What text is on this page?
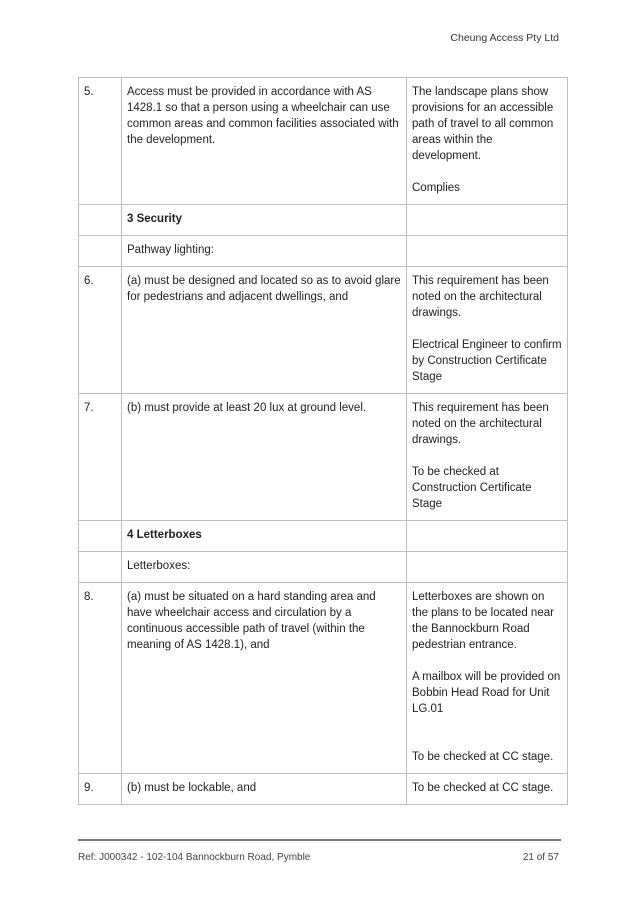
Cheung Access Pty Ltd
5.	Access must be provided in accordance with AS 1428.1 so that a person using a wheelchair can use common areas and common facilities associated with the development.	The landscape plans show provisions for an accessible path of travel to all common areas within the development.
Complies

	3 Security	
	Pathway lighting:	
6.	(a) must be designed and located so as to avoid glare for pedestrians and adjacent dwellings, and	This requirement has been noted on the architectural drawings.
Electrical Engineer to confirm by Construction Certificate Stage

7.	(b) must provide at least 20 lux at ground level.	This requirement has been noted on the architectural drawings.
To be checked at Construction Certificate Stage

	4 Letterboxes	
	Letterboxes:	
8.	(a) must be situated on a hard standing area and have wheelchair access and circulation by a continuous accessible path of travel (within the meaning of AS 1428.1), and	Letterboxes are shown on the plans to be located near the Bannockburn Road pedestrian entrance.
A mailbox will be provided on Bobbin Head Road for Unit LG.01
To be checked at CC stage.

9.	(b) must be lockable, and	To be checked at CC stage.
Ref: J000342 - 102-104 Bannockburn Road, Pymble	21 of 57
